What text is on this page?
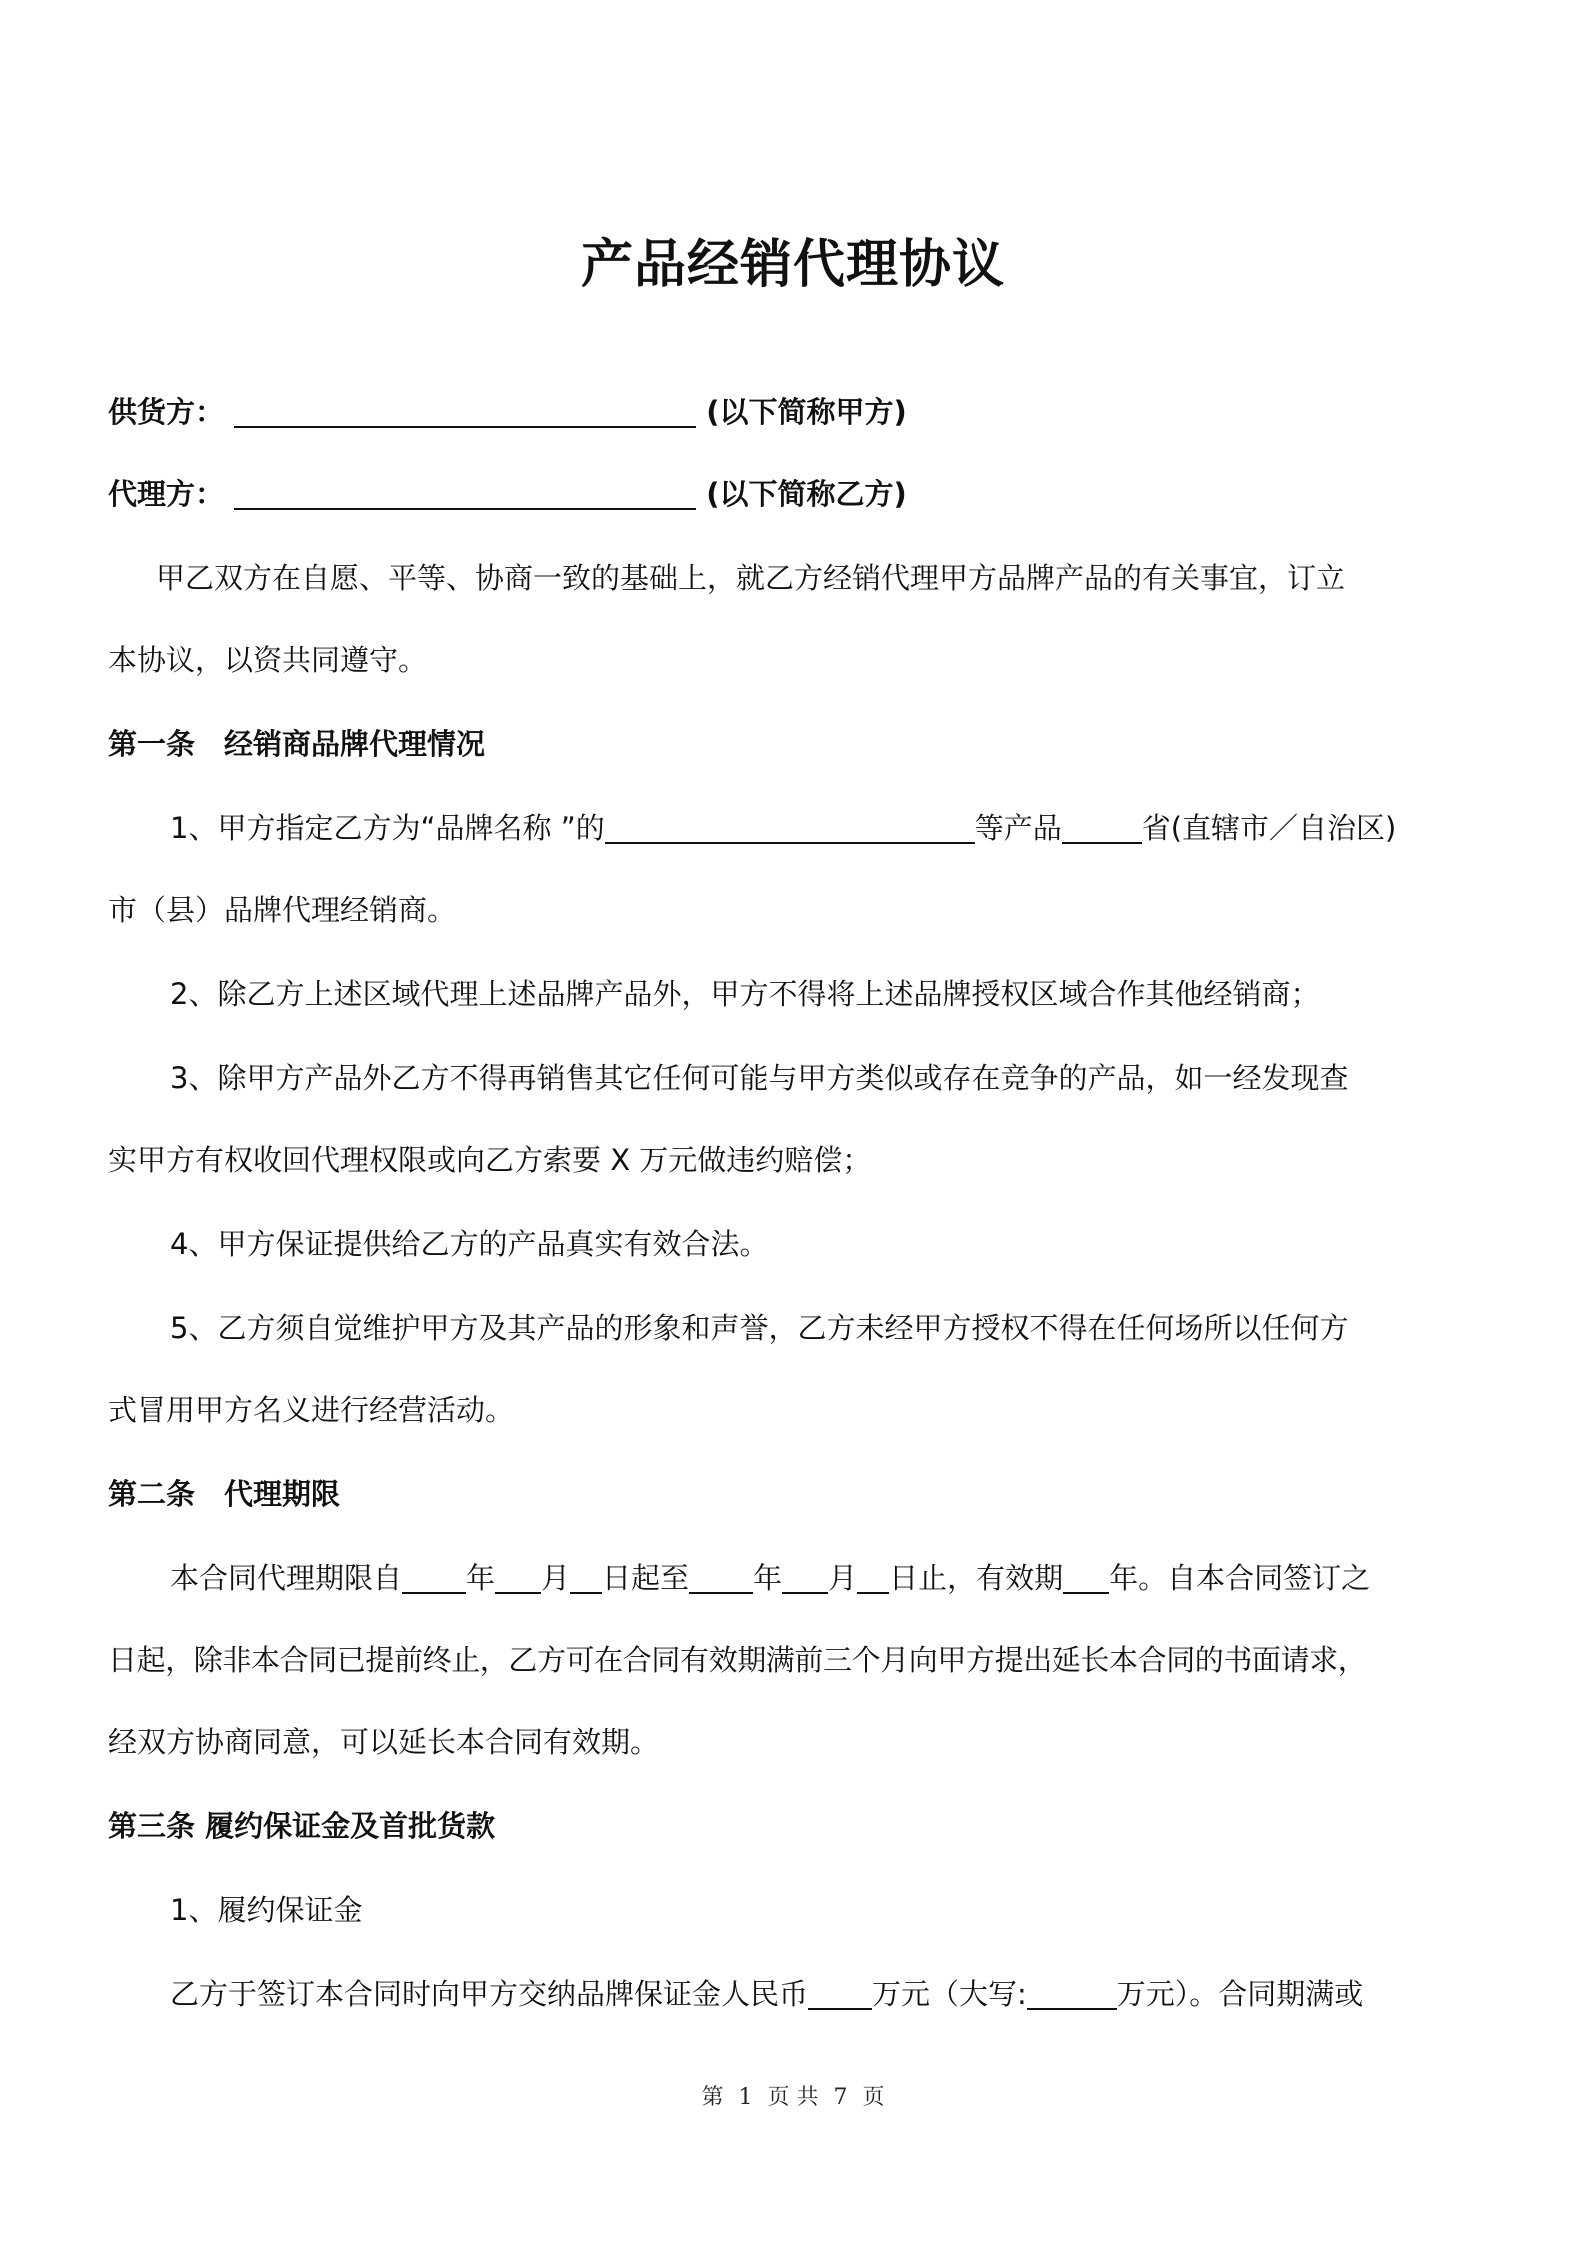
产品经销代理协议
供货方：	(以下简称甲方)
代理方：	(以下简称乙方)
甲乙双方在自愿、平等、协商一致的基础上，就乙方经销代理甲方品牌产品的有关事宜，订立
本协议，以资共同遵守。
第一条　经销商品牌代理情况
1、甲方指定乙方为“品牌名称 ”的	等产品	省(直辖市／自治区)
市（县）品牌代理经销商。
2、除乙方上述区域代理上述品牌产品外，甲方不得将上述品牌授权区域合作其他经销商；
3、除甲方产品外乙方不得再销售其它任何可能与甲方类似或存在竞争的产品，如一经发现查
实甲方有权收回代理权限或向乙方索要 X 万元做违约赔偿；
4、甲方保证提供给乙方的产品真实有效合法。
5、乙方须自觉维护甲方及其产品的形象和声誉，乙方未经甲方授权不得在任何场所以任何方
式冒用甲方名义进行经营活动。
第二条　代理期限
本合同代理期限自 年 月 日起至 年 月 日止，有效期 年。自本合同签订之
日起，除非本合同已提前终止，乙方可在合同有效期满前三个月向甲方提出延长本合同的书面请求，
经双方协商同意，可以延长本合同有效期。
第三条 履约保证金及首批货款
1、履约保证金
乙方于签订本合同时向甲方交纳品牌保证金人民币 万元（大写:	万元）。合同期满或
第 1 页 共 7 页
